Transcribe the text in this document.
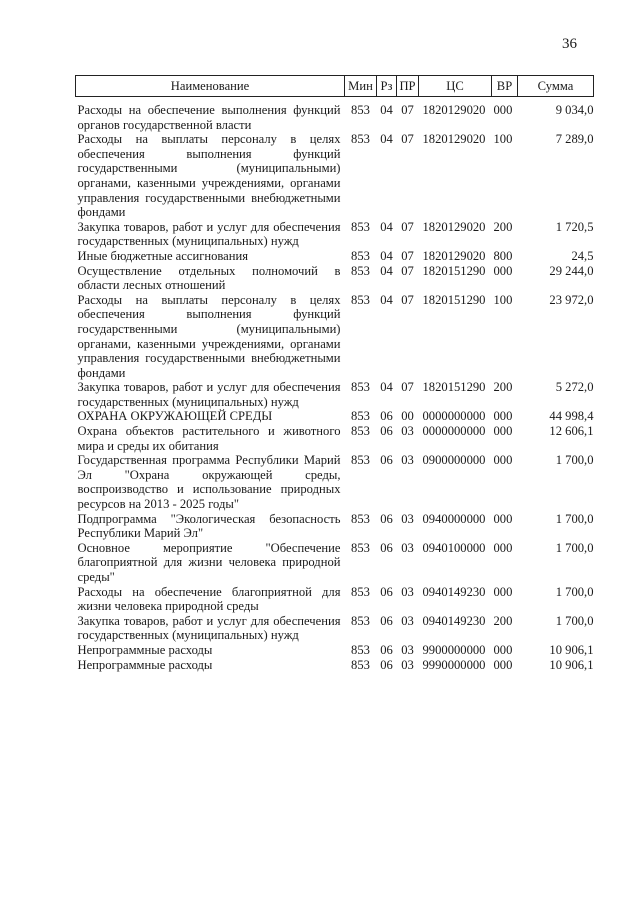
36
Наименование	Мин	Рз	ПР	ЦС	ВР	Сумма
Расходы на обеспечение выполнения функций органов государственной власти	853	04	07	1820129020	000	9 034,0
Расходы на выплаты персоналу в целях обеспечения выполнения функций государственными (муниципальными) органами, казенными учреждениями, органами управления государственными внебюджетными фондами	853	04	07	1820129020	100	7 289,0
Закупка товаров, работ и услуг для обеспечения государственных (муниципальных) нужд	853	04	07	1820129020	200	1 720,5
Иные бюджетные ассигнования	853	04	07	1820129020	800	24,5
Осуществление отдельных полномочий в области лесных отношений	853	04	07	1820151290	000	29 244,0
Расходы на выплаты персоналу в целях обеспечения выполнения функций государственными (муниципальными) органами, казенными учреждениями, органами управления государственными внебюджетными фондами	853	04	07	1820151290	100	23 972,0
Закупка товаров, работ и услуг для обеспечения государственных (муниципальных) нужд	853	04	07	1820151290	200	5 272,0
ОХРАНА ОКРУЖАЮЩЕЙ СРЕДЫ	853	06	00	0000000000	000	44 998,4
Охрана объектов растительного и животного мира и среды их обитания	853	06	03	0000000000	000	12 606,1
Государственная программа Республики Марий Эл "Охрана окружающей среды, воспроизводство и использование природных ресурсов на 2013 - 2025 годы"	853	06	03	0900000000	000	1 700,0
Подпрограмма "Экологическая безопасность Республики Марий Эл"	853	06	03	0940000000	000	1 700,0
Основное мероприятие "Обеспечение благоприятной для жизни человека природной среды"	853	06	03	0940100000	000	1 700,0
Расходы на обеспечение благоприятной для жизни человека природной среды	853	06	03	0940149230	000	1 700,0
Закупка товаров, работ и услуг для обеспечения государственных (муниципальных) нужд	853	06	03	0940149230	200	1 700,0
Непрограммные расходы	853	06	03	9900000000	000	10 906,1
Непрограммные расходы	853	06	03	9990000000	000	10 906,1
